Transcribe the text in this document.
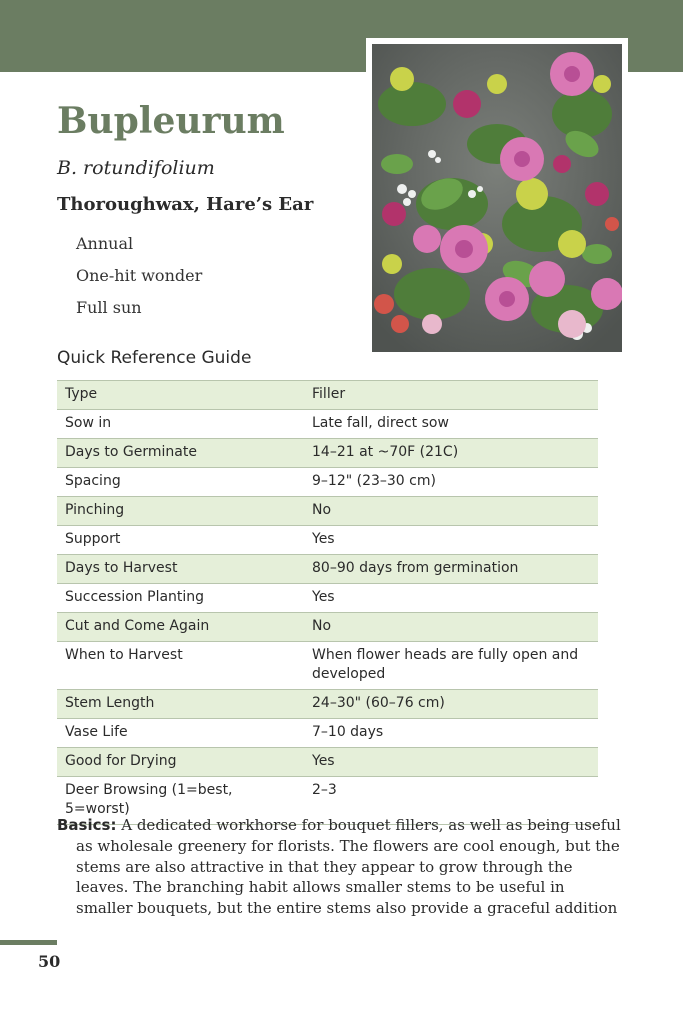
Bupleurum

B. rotundifolium

Thoroughwax, Hare’s Ear

Annual

One-hit wonder

Full sun

Quick Reference Guide

Type	Filler
Sow in	Late fall, direct sow
Days to Germinate	14–21 at ~70F (21C)
Spacing	9–12" (23–30 cm)
Pinching	No
Support	Yes
Days to Harvest	80–90 days from germination
Succession Planting	Yes
Cut and Come Again	No
When to Harvest	When flower heads are fully open and developed
Stem Length	24–30" (60–76 cm)
Vase Life	7–10 days
Good for Drying	Yes
Deer Browsing (1=best, 5=worst)	2–3

Basics: A dedicated workhorse for bouquet fillers, as well as being useful as wholesale greenery for florists. The flowers are cool enough, but the stems are also attractive in that they appear to grow through the leaves. The branching habit allows smaller stems to be useful in smaller bouquets, but the entire stems also provide a graceful addition

50
